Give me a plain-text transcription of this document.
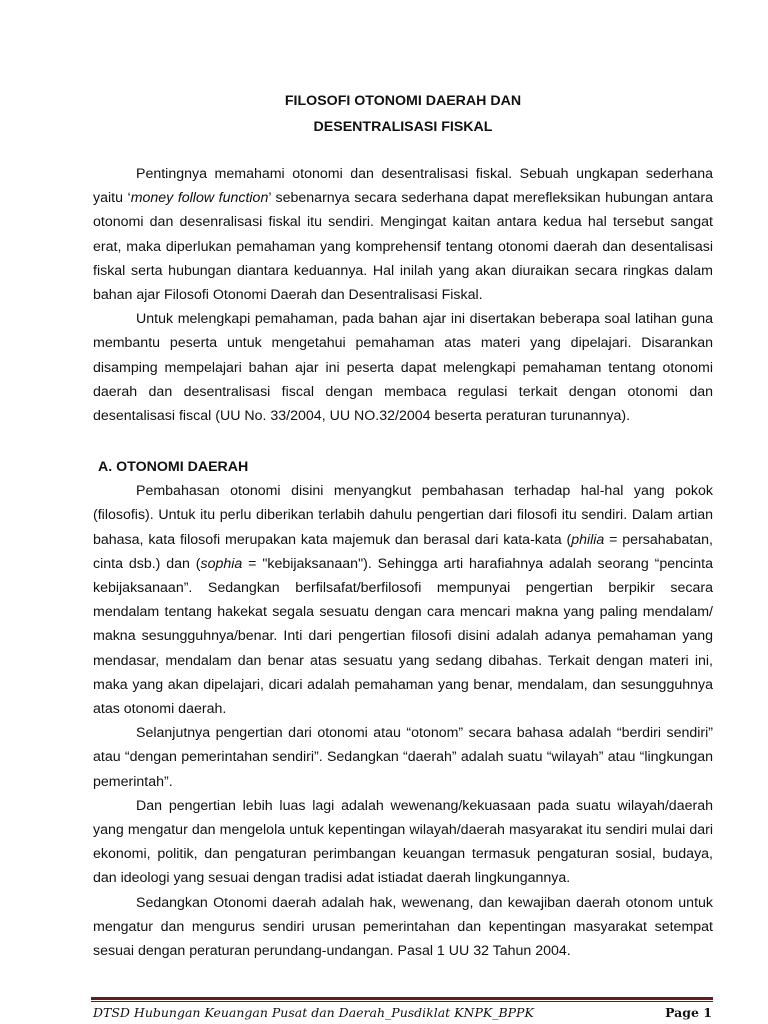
FILOSOFI OTONOMI DAERAH DAN
DESENTRALISASI FISKAL

Pentingnya memahami otonomi dan desentralisasi fiskal. Sebuah ungkapan sederhana yaitu ‘money follow function’ sebenarnya secara sederhana dapat merefleksikan hubungan antara otonomi dan desenralisasi fiskal itu sendiri. Mengingat kaitan antara kedua hal tersebut sangat erat, maka diperlukan pemahaman yang komprehensif tentang otonomi daerah dan desentalisasi fiskal serta hubungan diantara keduannya. Hal inilah yang akan diuraikan secara ringkas dalam bahan ajar Filosofi Otonomi Daerah dan Desentralisasi Fiskal.

Untuk melengkapi pemahaman, pada bahan ajar ini disertakan beberapa soal latihan guna membantu peserta untuk mengetahui pemahaman atas materi yang dipelajari. Disarankan disamping mempelajari bahan ajar ini peserta dapat melengkapi pemahaman tentang otonomi daerah dan desentralisasi fiscal dengan membaca regulasi terkait dengan otonomi dan desentalisasi fiscal (UU No. 33/2004, UU NO.32/2004 beserta peraturan turunannya).

A. OTONOMI DAERAH

Pembahasan otonomi disini menyangkut pembahasan terhadap hal-hal yang pokok (filosofis). Untuk itu perlu diberikan terlabih dahulu pengertian dari filosofi itu sendiri. Dalam artian bahasa, kata filosofi merupakan kata majemuk dan berasal dari kata-kata (philia = persahabatan, cinta dsb.) dan (sophia = "kebijaksanaan"). Sehingga arti harafiahnya adalah seorang “pencinta kebijaksanaan”. Sedangkan berfilsafat/berfilosofi mempunyai pengertian berpikir secara mendalam tentang hakekat segala sesuatu dengan cara mencari makna yang paling mendalam/ makna sesungguhnya/benar. Inti dari pengertian filosofi disini adalah adanya pemahaman yang mendasar, mendalam dan benar atas sesuatu yang sedang dibahas. Terkait dengan materi ini, maka yang akan dipelajari, dicari adalah pemahaman yang benar, mendalam, dan sesungguhnya atas otonomi daerah.

Selanjutnya pengertian dari otonomi atau “otonom” secara bahasa adalah “berdiri sendiri” atau “dengan pemerintahan sendiri”. Sedangkan “daerah” adalah suatu “wilayah” atau “lingkungan pemerintah”.

Dan pengertian lebih luas lagi adalah wewenang/kekuasaan pada suatu wilayah/daerah yang mengatur dan mengelola untuk kepentingan wilayah/daerah masyarakat itu sendiri mulai dari ekonomi, politik, dan pengaturan perimbangan keuangan termasuk pengaturan sosial, budaya, dan ideologi yang sesuai dengan tradisi adat istiadat daerah lingkungannya.

Sedangkan Otonomi daerah adalah hak, wewenang, dan kewajiban daerah otonom untuk mengatur dan mengurus sendiri urusan pemerintahan dan kepentingan masyarakat setempat sesuai dengan peraturan perundang-undangan. Pasal 1 UU 32 Tahun 2004.

DTSD Hubungan Keuangan Pusat dan Daerah_Pusdiklat KNPK_BPPK	Page 1
